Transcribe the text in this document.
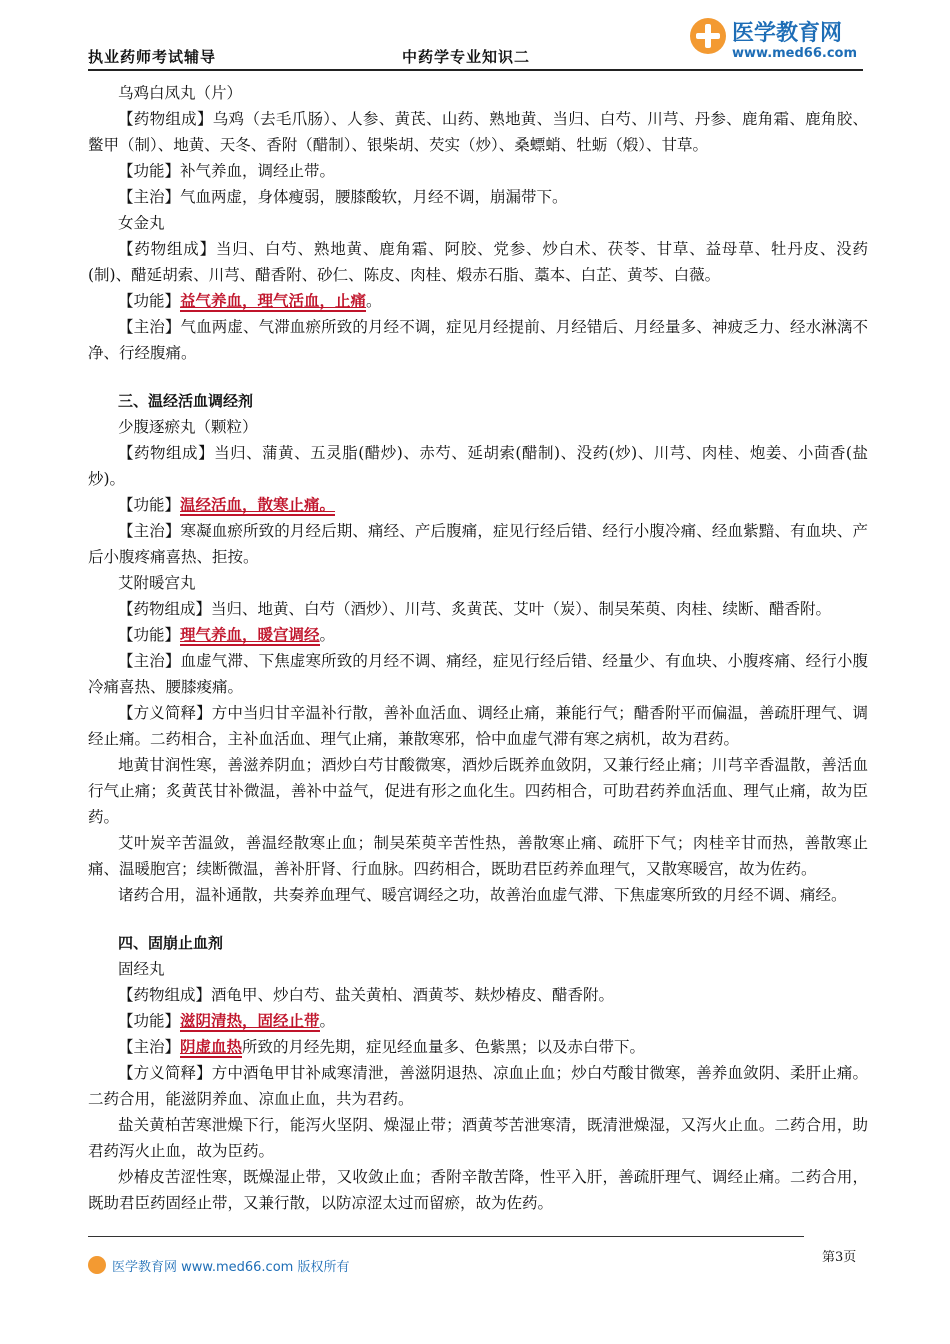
执业药师考试辅导	中药学专业知识二
医学教育网
www.med66.com

乌鸡白凤丸（片）

【药物组成】乌鸡（去毛爪肠）、人参、黄芪、山药、熟地黄、当归、白芍、川芎、丹参、鹿角霜、鹿角胶、鳖甲（制）、地黄、天冬、香附（醋制）、银柴胡、芡实（炒）、桑螵蛸、牡蛎（煅）、甘草。

【功能】补气养血，调经止带。

【主治】气血两虚，身体瘦弱，腰膝酸软，月经不调，崩漏带下。

女金丸

【药物组成】当归、白芍、熟地黄、鹿角霜、阿胶、党参、炒白术、茯苓、甘草、益母草、牡丹皮、没药(制)、醋延胡索、川芎、醋香附、砂仁、陈皮、肉桂、煅赤石脂、藁本、白芷、黄芩、白薇。

【功能】益气养血，理气活血，止痛。

【主治】气血两虚、气滞血瘀所致的月经不调，症见月经提前、月经错后、月经量多、神疲乏力、经水淋漓不净、行经腹痛。

三、温经活血调经剂

少腹逐瘀丸（颗粒）

【药物组成】当归、蒲黄、五灵脂(醋炒)、赤芍、延胡索(醋制)、没药(炒)、川芎、肉桂、炮姜、小茴香(盐炒)。

【功能】温经活血，散寒止痛。

【主治】寒凝血瘀所致的月经后期、痛经、产后腹痛，症见行经后错、经行小腹冷痛、经血紫黯、有血块、产后小腹疼痛喜热、拒按。

艾附暖宫丸

【药物组成】当归、地黄、白芍（酒炒）、川芎、炙黄芪、艾叶（炭）、制吴茱萸、肉桂、续断、醋香附。

【功能】理气养血，暖宫调经。

【主治】血虚气滞、下焦虚寒所致的月经不调、痛经，症见行经后错、经量少、有血块、小腹疼痛、经行小腹冷痛喜热、腰膝痠痛。

【方义简释】方中当归甘辛温补行散，善补血活血、调经止痛，兼能行气；醋香附平而偏温，善疏肝理气、调经止痛。二药相合，主补血活血、理气止痛，兼散寒邪，恰中血虚气滞有寒之病机，故为君药。

地黄甘润性寒，善滋养阴血；酒炒白芍甘酸微寒，酒炒后既养血敛阴，又兼行经止痛；川芎辛香温散，善活血行气止痛；炙黄芪甘补微温，善补中益气，促进有形之血化生。四药相合，可助君药养血活血、理气止痛，故为臣药。

艾叶炭辛苦温敛，善温经散寒止血；制吴茱萸辛苦性热，善散寒止痛、疏肝下气；肉桂辛甘而热，善散寒止痛、温暖胞宫；续断微温，善补肝肾、行血脉。四药相合，既助君臣药养血理气，又散寒暖宫，故为佐药。

诸药合用，温补通散，共奏养血理气、暖宫调经之功，故善治血虚气滞、下焦虚寒所致的月经不调、痛经。

四、固崩止血剂

固经丸

【药物组成】酒龟甲、炒白芍、盐关黄柏、酒黄芩、麸炒椿皮、醋香附。

【功能】滋阴清热，固经止带。

【主治】阴虚血热所致的月经先期，症见经血量多、色紫黑；以及赤白带下。

【方义简释】方中酒龟甲甘补咸寒清泄，善滋阴退热、凉血止血；炒白芍酸甘微寒，善养血敛阴、柔肝止痛。二药合用，能滋阴养血、凉血止血，共为君药。

盐关黄柏苦寒泄燥下行，能泻火坚阴、燥湿止带；酒黄芩苦泄寒清，既清泄燥湿，又泻火止血。二药合用，助君药泻火止血，故为臣药。

炒椿皮苦涩性寒，既燥湿止带，又收敛止血；香附辛散苦降，性平入肝，善疏肝理气、调经止痛。二药合用，既助君臣药固经止带，又兼行散，以防凉涩太过而留瘀，故为佐药。

医学教育网 www.med66.com 版权所有
第3页
